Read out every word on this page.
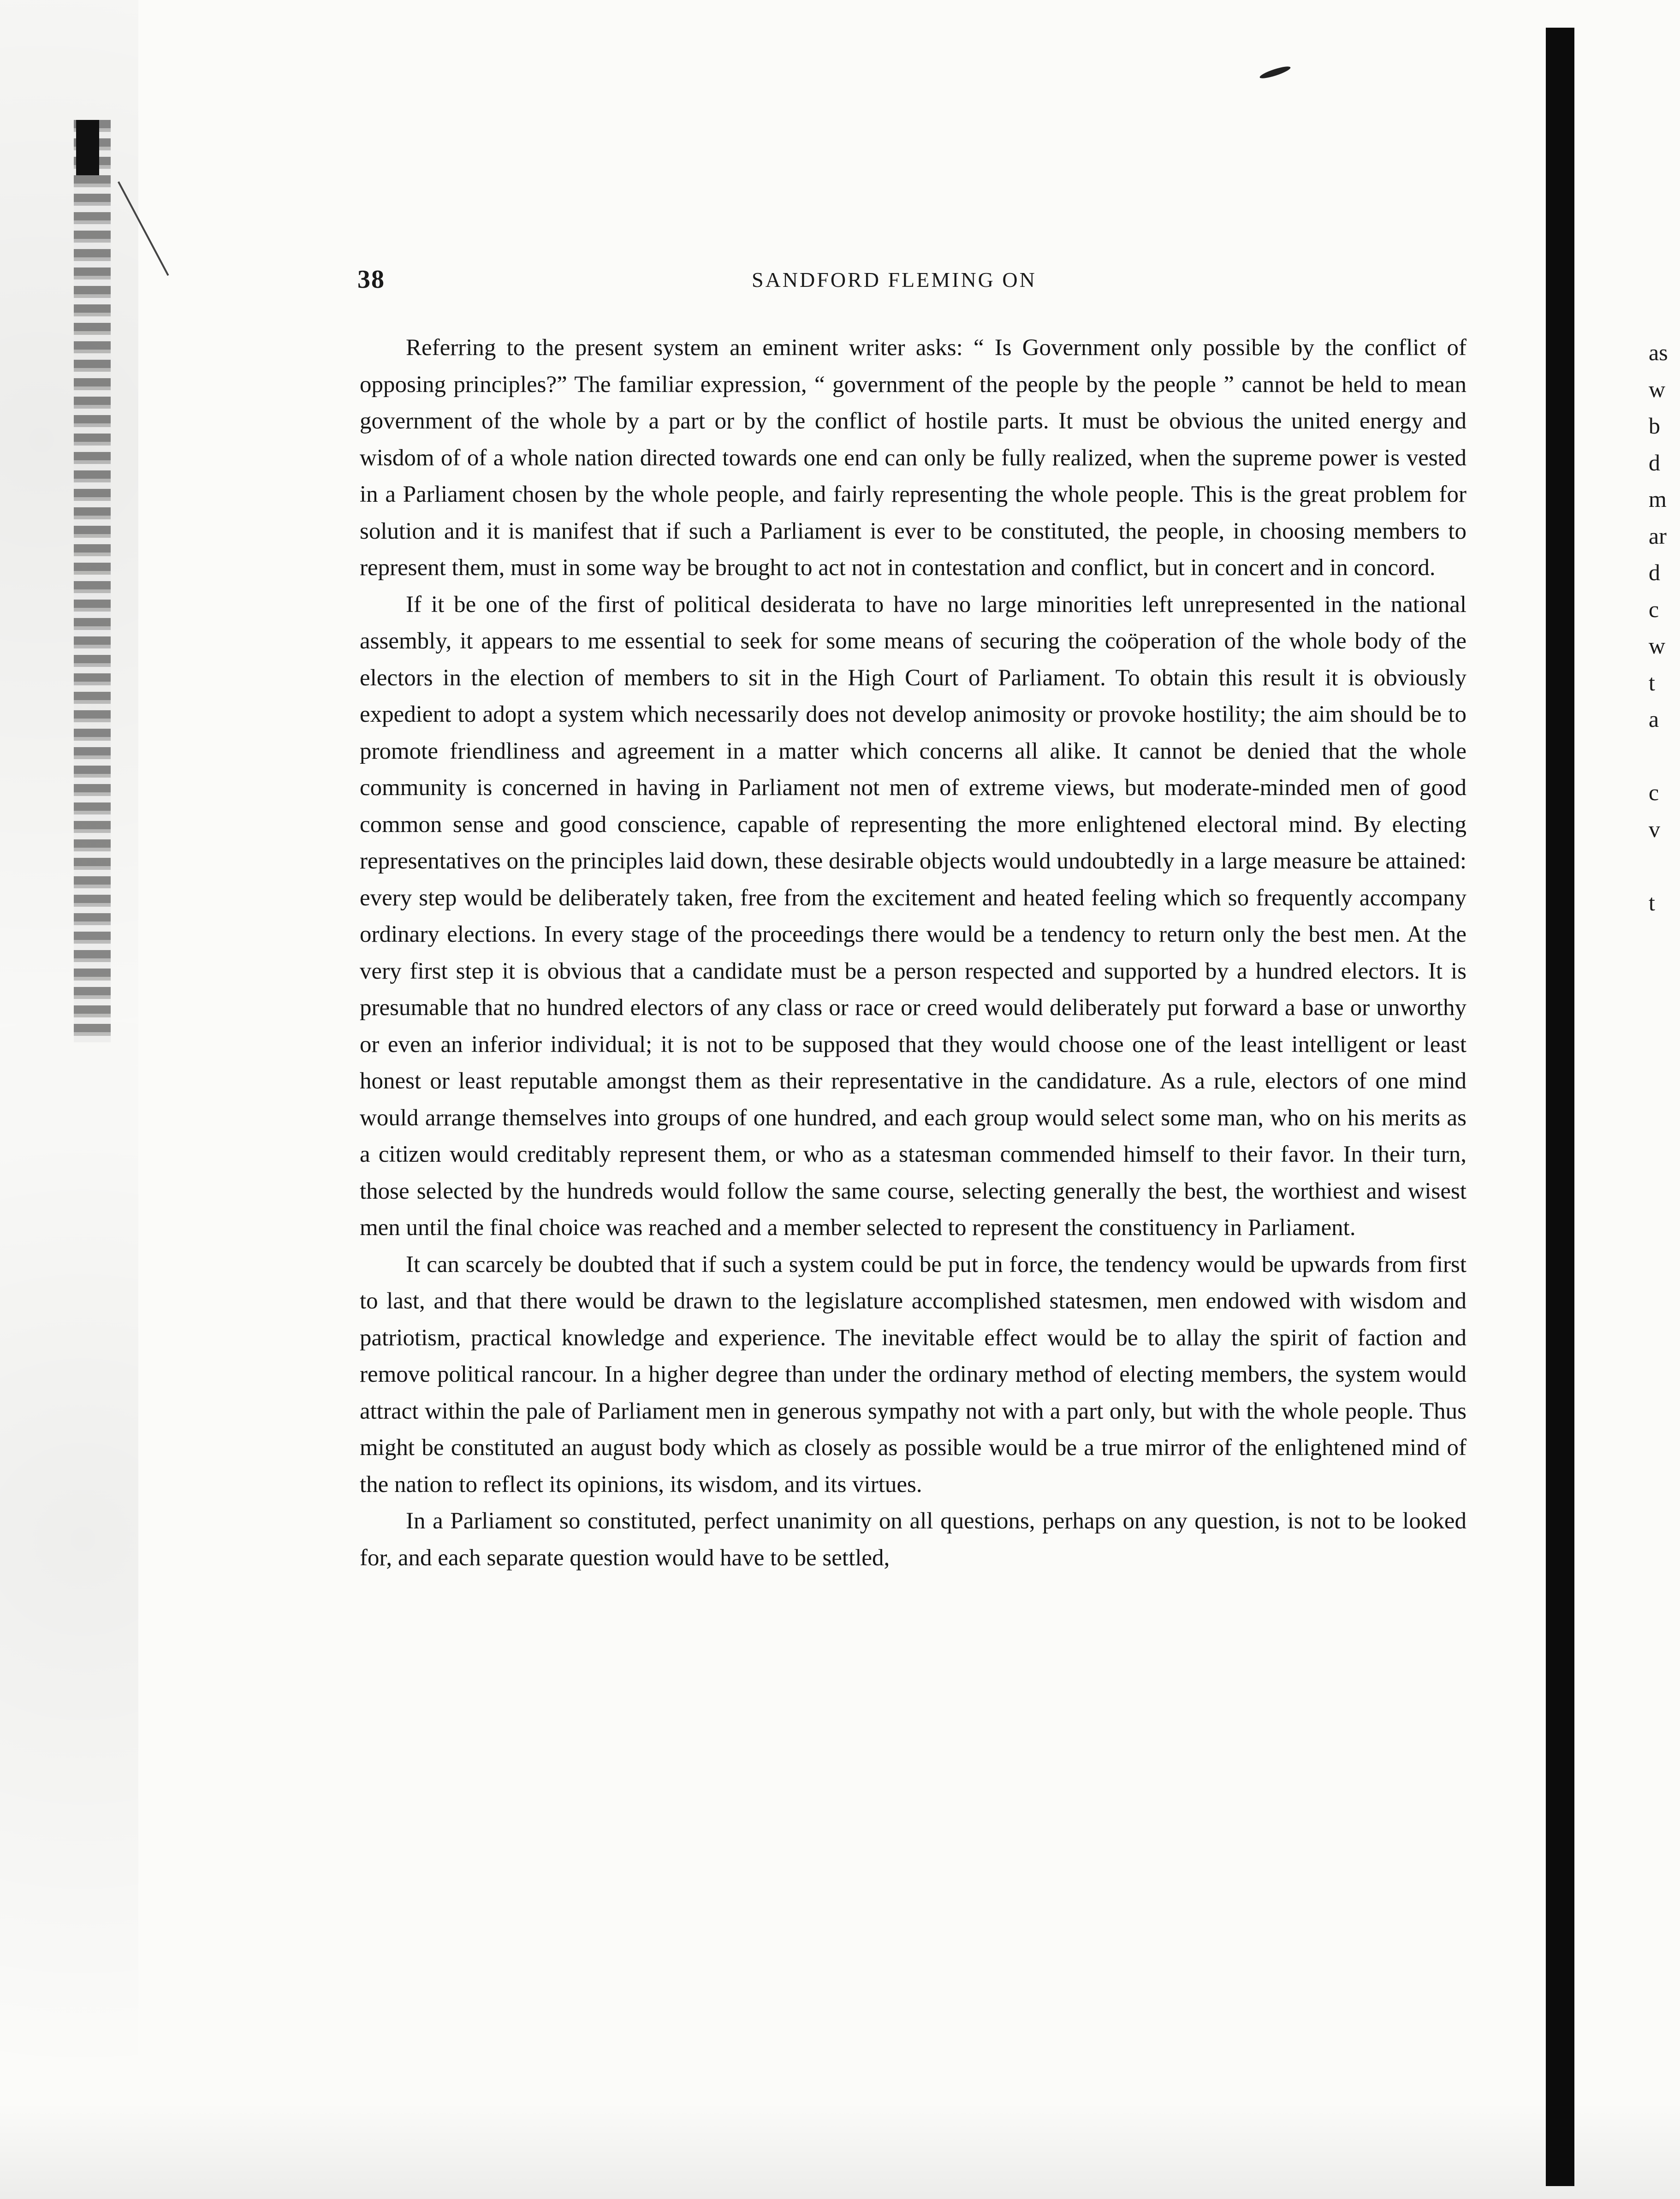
38	SANDFORD FLEMING ON

Referring to the present system an eminent writer asks: “ Is Government only possible by the conflict of opposing principles?” The familiar expression, “ government of the people by the people ” cannot be held to mean government of the whole by a part or by the conflict of hostile parts. It must be obvious the united energy and wisdom of of a whole nation directed towards one end can only be fully realized, when the supreme power is vested in a Parliament chosen by the whole people, and fairly representing the whole people. This is the great problem for solution and it is manifest that if such a Parliament is ever to be constituted, the people, in choosing members to represent them, must in some way be brought to act not in contestation and conflict, but in concert and in concord.

If it be one of the first of political desiderata to have no large minorities left unrepresented in the national assembly, it appears to me essential to seek for some means of securing the coöperation of the whole body of the electors in the election of members to sit in the High Court of Parliament. To obtain this result it is obviously expedient to adopt a system which necessarily does not develop animosity or provoke hostility; the aim should be to promote friendliness and agreement in a matter which concerns all alike. It cannot be denied that the whole community is concerned in having in Parliament not men of extreme views, but moderate-minded men of good common sense and good conscience, capable of representing the more enlightened electoral mind. By electing representatives on the principles laid down, these desirable objects would undoubtedly in a large measure be attained: every step would be deliberately taken, free from the excitement and heated feeling which so frequently accompany ordinary elections. In every stage of the proceedings there would be a tendency to return only the best men. At the very first step it is obvious that a candidate must be a person respected and supported by a hundred electors. It is presumable that no hundred electors of any class or race or creed would deliberately put forward a base or unworthy or even an inferior individual; it is not to be supposed that they would choose one of the least intelligent or least honest or least reputable amongst them as their representative in the candidature. As a rule, electors of one mind would arrange themselves into groups of one hundred, and each group would select some man, who on his merits as a citizen would creditably represent them, or who as a statesman commended himself to their favor. In their turn, those selected by the hundreds would follow the same course, selecting generally the best, the worthiest and wisest men until the final choice was reached and a member selected to represent the constituency in Parliament.

It can scarcely be doubted that if such a system could be put in force, the tendency would be upwards from first to last, and that there would be drawn to the legislature accomplished statesmen, men endowed with wisdom and patriotism, practical knowledge and experience. The inevitable effect would be to allay the spirit of faction and remove political rancour. In a higher degree than under the ordinary method of electing members, the system would attract within the pale of Parliament men in generous sympathy not with a part only, but with the whole people. Thus might be constituted an august body which as closely as possible would be a true mirror of the enlightened mind of the nation to reflect its opinions, its wisdom, and its virtues.

In a Parliament so constituted, perfect unanimity on all questions, perhaps on any question, is not to be looked for, and each separate question would have to be settled,

as
w
b
d
m
ar
d
c
w
t
a
c
v
t
